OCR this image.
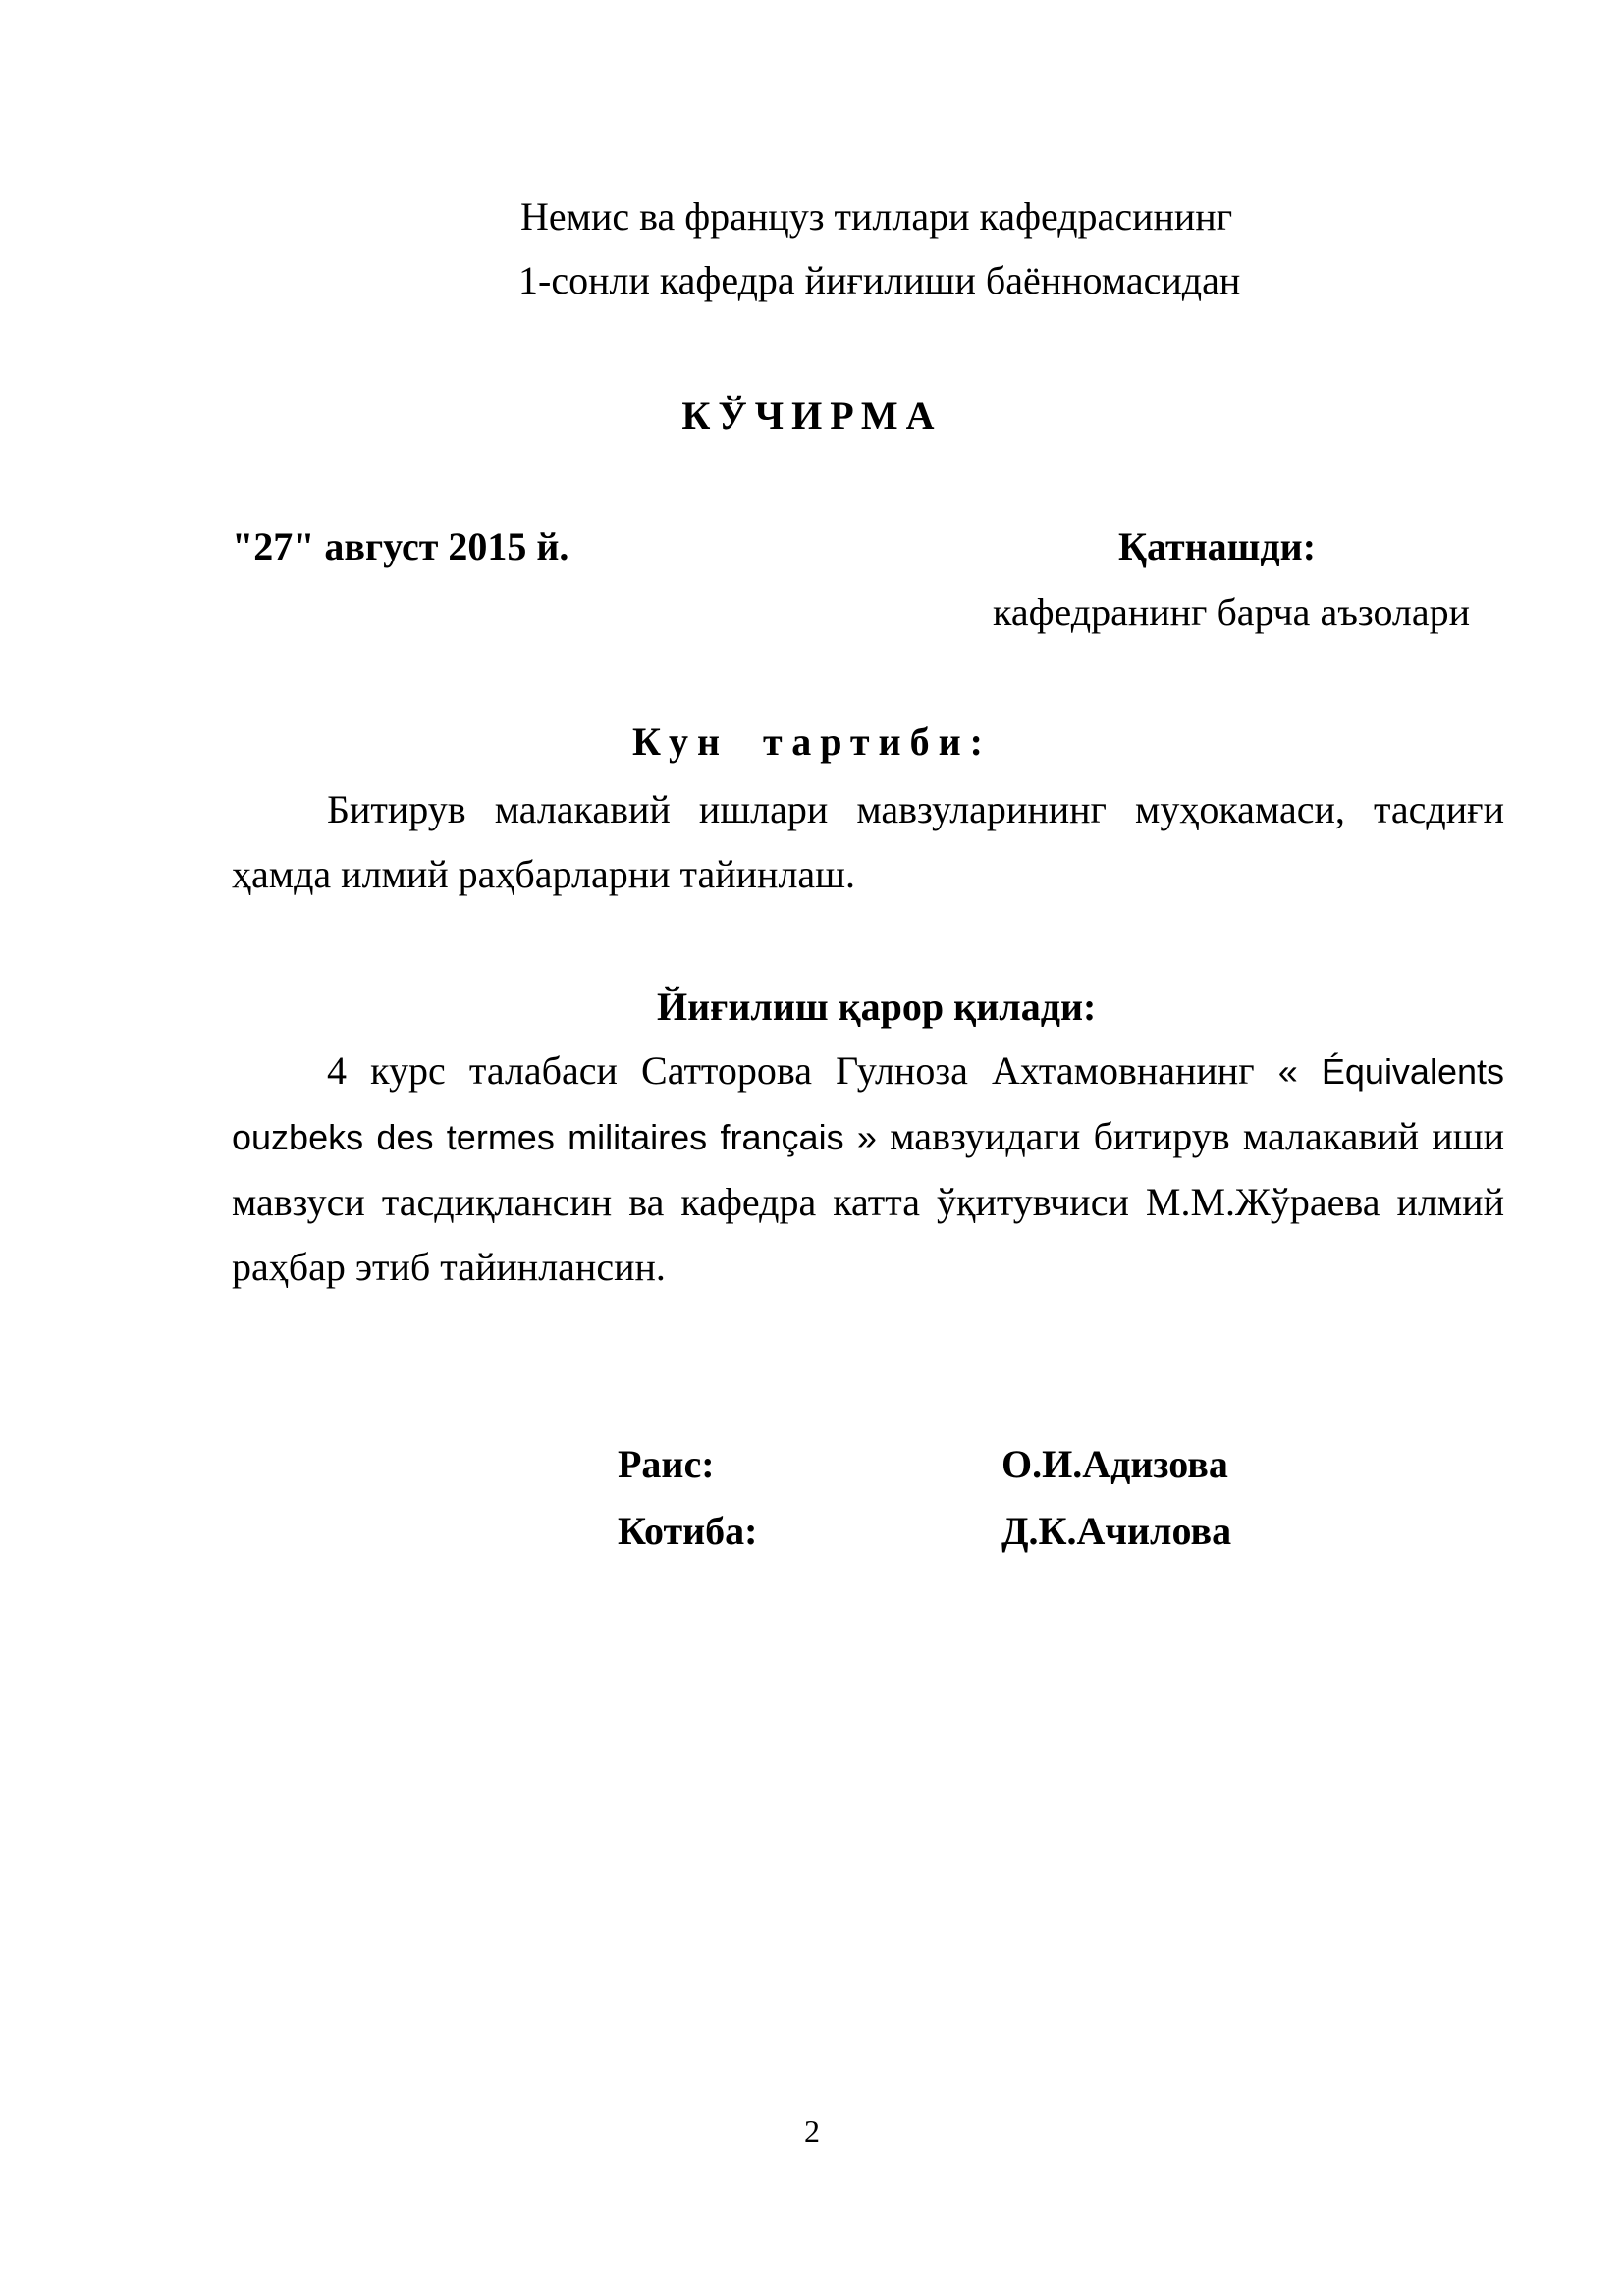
Немис ва француз тиллари кафедрасининг
1-сонли кафедра йиғилиши баённомасидан
КЎЧИРМА
"27" август 2015 й.	Қатнашди:
кафедранинг барча аъзолари
Кун тартиби:
Битирув малакавий ишлари мавзуларининг муҳокамаси, тасдиғи ҳамда илмий раҳбарларни тайинлаш.
Йиғилиш қарор қилади:
4 курс талабаси Сатторова Гулноза Ахтамовнанинг « Équivalents ouzbeks des termes militaires français » мавзуидаги битирув малакавий иши мавзуси тасдиқлансин ва кафедра катта ўқитувчиси М.М.Жўраева илмий раҳбар этиб тайинлансин.
Раис:	О.И.Адизова
Котиба:	Д.К.Ачилова
2
